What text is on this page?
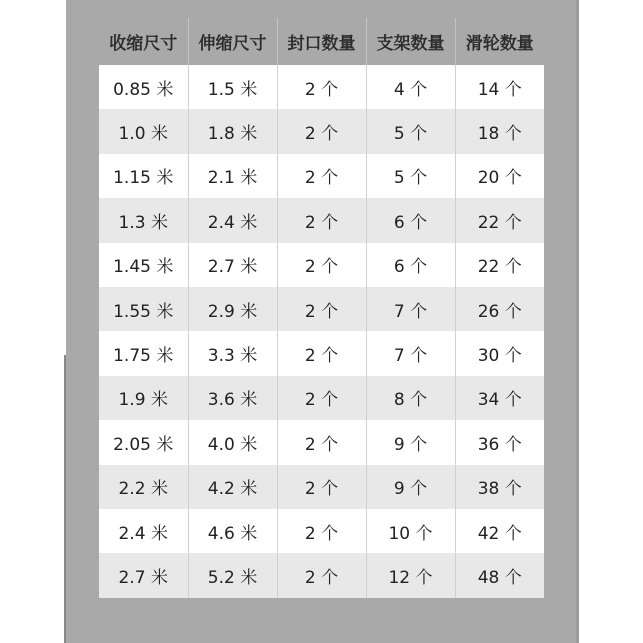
收缩尺寸	伸缩尺寸	封口数量	支架数量	滑轮数量
0.85 米	1.5 米	2 个	4 个	14 个
1.0 米	1.8 米	2 个	5 个	18 个
1.15 米	2.1 米	2 个	5 个	20 个
1.3 米	2.4 米	2 个	6 个	22 个
1.45 米	2.7 米	2 个	6 个	22 个
1.55 米	2.9 米	2 个	7 个	26 个
1.75 米	3.3 米	2 个	7 个	30 个
1.9 米	3.6 米	2 个	8 个	34 个
2.05 米	4.0 米	2 个	9 个	36 个
2.2 米	4.2 米	2 个	9 个	38 个
2.4 米	4.6 米	2 个	10 个	42 个
2.7 米	5.2 米	2 个	12 个	48 个
